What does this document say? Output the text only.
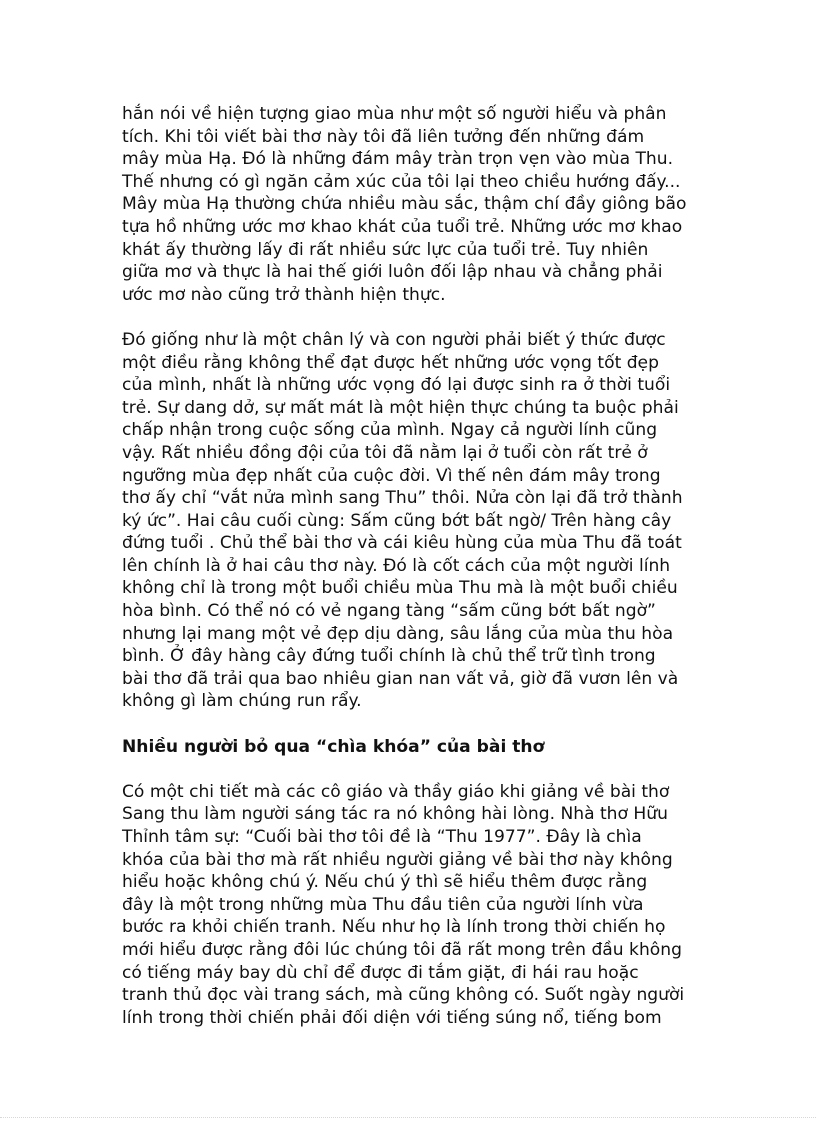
hắn nói về hiện tượng giao mùa như một số người hiểu và phân
tích. Khi tôi viết bài thơ này tôi đã liên tưởng đến những đám
mây mùa Hạ. Đó là những đám mây tràn trọn vẹn vào mùa Thu.
Thế nhưng có gì ngăn cảm xúc của tôi lại theo chiều hướng đấy...
Mây mùa Hạ thường chứa nhiều màu sắc, thậm chí đầy giông bão
tựa hồ những ước mơ khao khát của tuổi trẻ. Những ước mơ khao
khát ấy thường lấy đi rất nhiều sức lực của tuổi trẻ. Tuy nhiên
giữa mơ và thực là hai thế giới luôn đối lập nhau và chẳng phải
ước mơ nào cũng trở thành hiện thực.
Đó giống như là một chân lý và con người phải biết ý thức được
một điều rằng không thể đạt được hết những ước vọng tốt đẹp
của mình, nhất là những ước vọng đó lại được sinh ra ở thời tuổi
trẻ. Sự dang dở, sự mất mát là một hiện thực chúng ta buộc phải
chấp nhận trong cuộc sống của mình. Ngay cả người lính cũng
vậy. Rất nhiều đồng đội của tôi đã nằm lại ở tuổi còn rất trẻ ở
ngưỡng mùa đẹp nhất của cuộc đời. Vì thế nên đám mây trong
thơ ấy chỉ “vắt nửa mình sang Thu” thôi. Nửa còn lại đã trở thành
ký ức”. Hai câu cuối cùng: Sấm cũng bớt bất ngờ/ Trên hàng cây
đứng tuổi . Chủ thể bài thơ và cái kiêu hùng của mùa Thu đã toát
lên chính là ở hai câu thơ này. Đó là cốt cách của một người lính
không chỉ là trong một buổi chiều mùa Thu mà là một buổi chiều
hòa bình. Có thể nó có vẻ ngang tàng “sấm cũng bớt bất ngờ”
nhưng lại mang một vẻ đẹp dịu dàng, sâu lắng của mùa thu hòa
bình. Ở đây hàng cây đứng tuổi chính là chủ thể trữ tình trong
bài thơ đã trải qua bao nhiêu gian nan vất vả, giờ đã vươn lên và
không gì làm chúng run rẩy.
Nhiều người bỏ qua “chìa khóa” của bài thơ
Có một chi tiết mà các cô giáo và thầy giáo khi giảng về bài thơ
Sang thu làm người sáng tác ra nó không hài lòng. Nhà thơ Hữu
Thỉnh tâm sự: “Cuối bài thơ tôi đề là “Thu 1977”. Đây là chìa
khóa của bài thơ mà rất nhiều người giảng về bài thơ này không
hiểu hoặc không chú ý. Nếu chú ý thì sẽ hiểu thêm được rằng
đây là một trong những mùa Thu đầu tiên của người lính vừa
bước ra khỏi chiến tranh. Nếu như họ là lính trong thời chiến họ
mới hiểu được rằng đôi lúc chúng tôi đã rất mong trên đầu không
có tiếng máy bay dù chỉ để được đi tắm giặt, đi hái rau hoặc
tranh thủ đọc vài trang sách, mà cũng không có. Suốt ngày người
lính trong thời chiến phải đối diện với tiếng súng nổ, tiếng bom
